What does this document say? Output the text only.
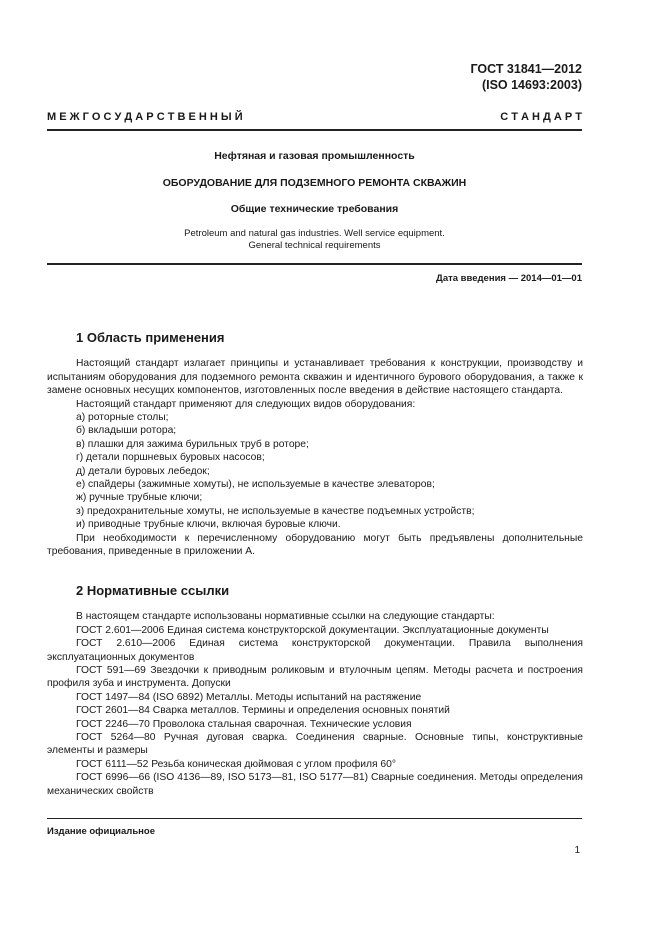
ГОСТ 31841—2012
(ISO 14693:2003)
М Е Ж Г О С У Д А Р С Т В Е Н Н Ы Й	С Т А Н Д А Р Т
Нефтяная и газовая промышленность
ОБОРУДОВАНИЕ ДЛЯ ПОДЗЕМНОГО РЕМОНТА СКВАЖИН
Общие технические требования
Petroleum and natural gas industries. Well service equipment.
General technical requirements
Дата введения — 2014—01—01
1 Область применения

Настоящий стандарт излагает принципы и устанавливает требования к конструкции, производству и испытаниям оборудования для подземного ремонта скважин и идентичного бурового оборудования, а также к замене основных несущих компонентов, изготовленных после введения в действие настоящего стандарта.

Настоящий стандарт применяют для следующих видов оборудования:

а) роторные столы;

б) вкладыши ротора;

в) плашки для зажима бурильных труб в роторе;

г) детали поршневых буровых насосов;

д) детали буровых лебедок;

е) спайдеры (зажимные хомуты), не используемые в качестве элеваторов;

ж) ручные трубные ключи;

з) предохранительные хомуты, не используемые в качестве подъемных устройств;

и) приводные трубные ключи, включая буровые ключи.

При необходимости к перечисленному оборудованию могут быть предъявлены дополнительные требования, приведенные в приложении А.

2 Нормативные ссылки

В настоящем стандарте использованы нормативные ссылки на следующие стандарты:

ГОСТ 2.601—2006 Единая система конструкторской документации. Эксплуатационные документы

ГОСТ 2.610—2006 Единая система конструкторской документации. Правила выполнения эксплуатационных документов

ГОСТ 591—69 Звездочки к приводным роликовым и втулочным цепям. Методы расчета и построения профиля зуба и инструмента. Допуски

ГОСТ 1497—84 (ISO 6892) Металлы. Методы испытаний на растяжение

ГОСТ 2601—84 Сварка металлов. Термины и определения основных понятий

ГОСТ 2246—70 Проволока стальная сварочная. Технические условия

ГОСТ 5264—80 Ручная дуговая сварка. Соединения сварные. Основные типы, конструктивные элементы и размеры

ГОСТ 6111—52 Резьба коническая дюймовая с углом профиля 60°

ГОСТ 6996—66 (ISO 4136—89, ISO 5173—81, ISO 5177—81) Сварные соединения. Методы определения механических свойств

Издание официальное
1
